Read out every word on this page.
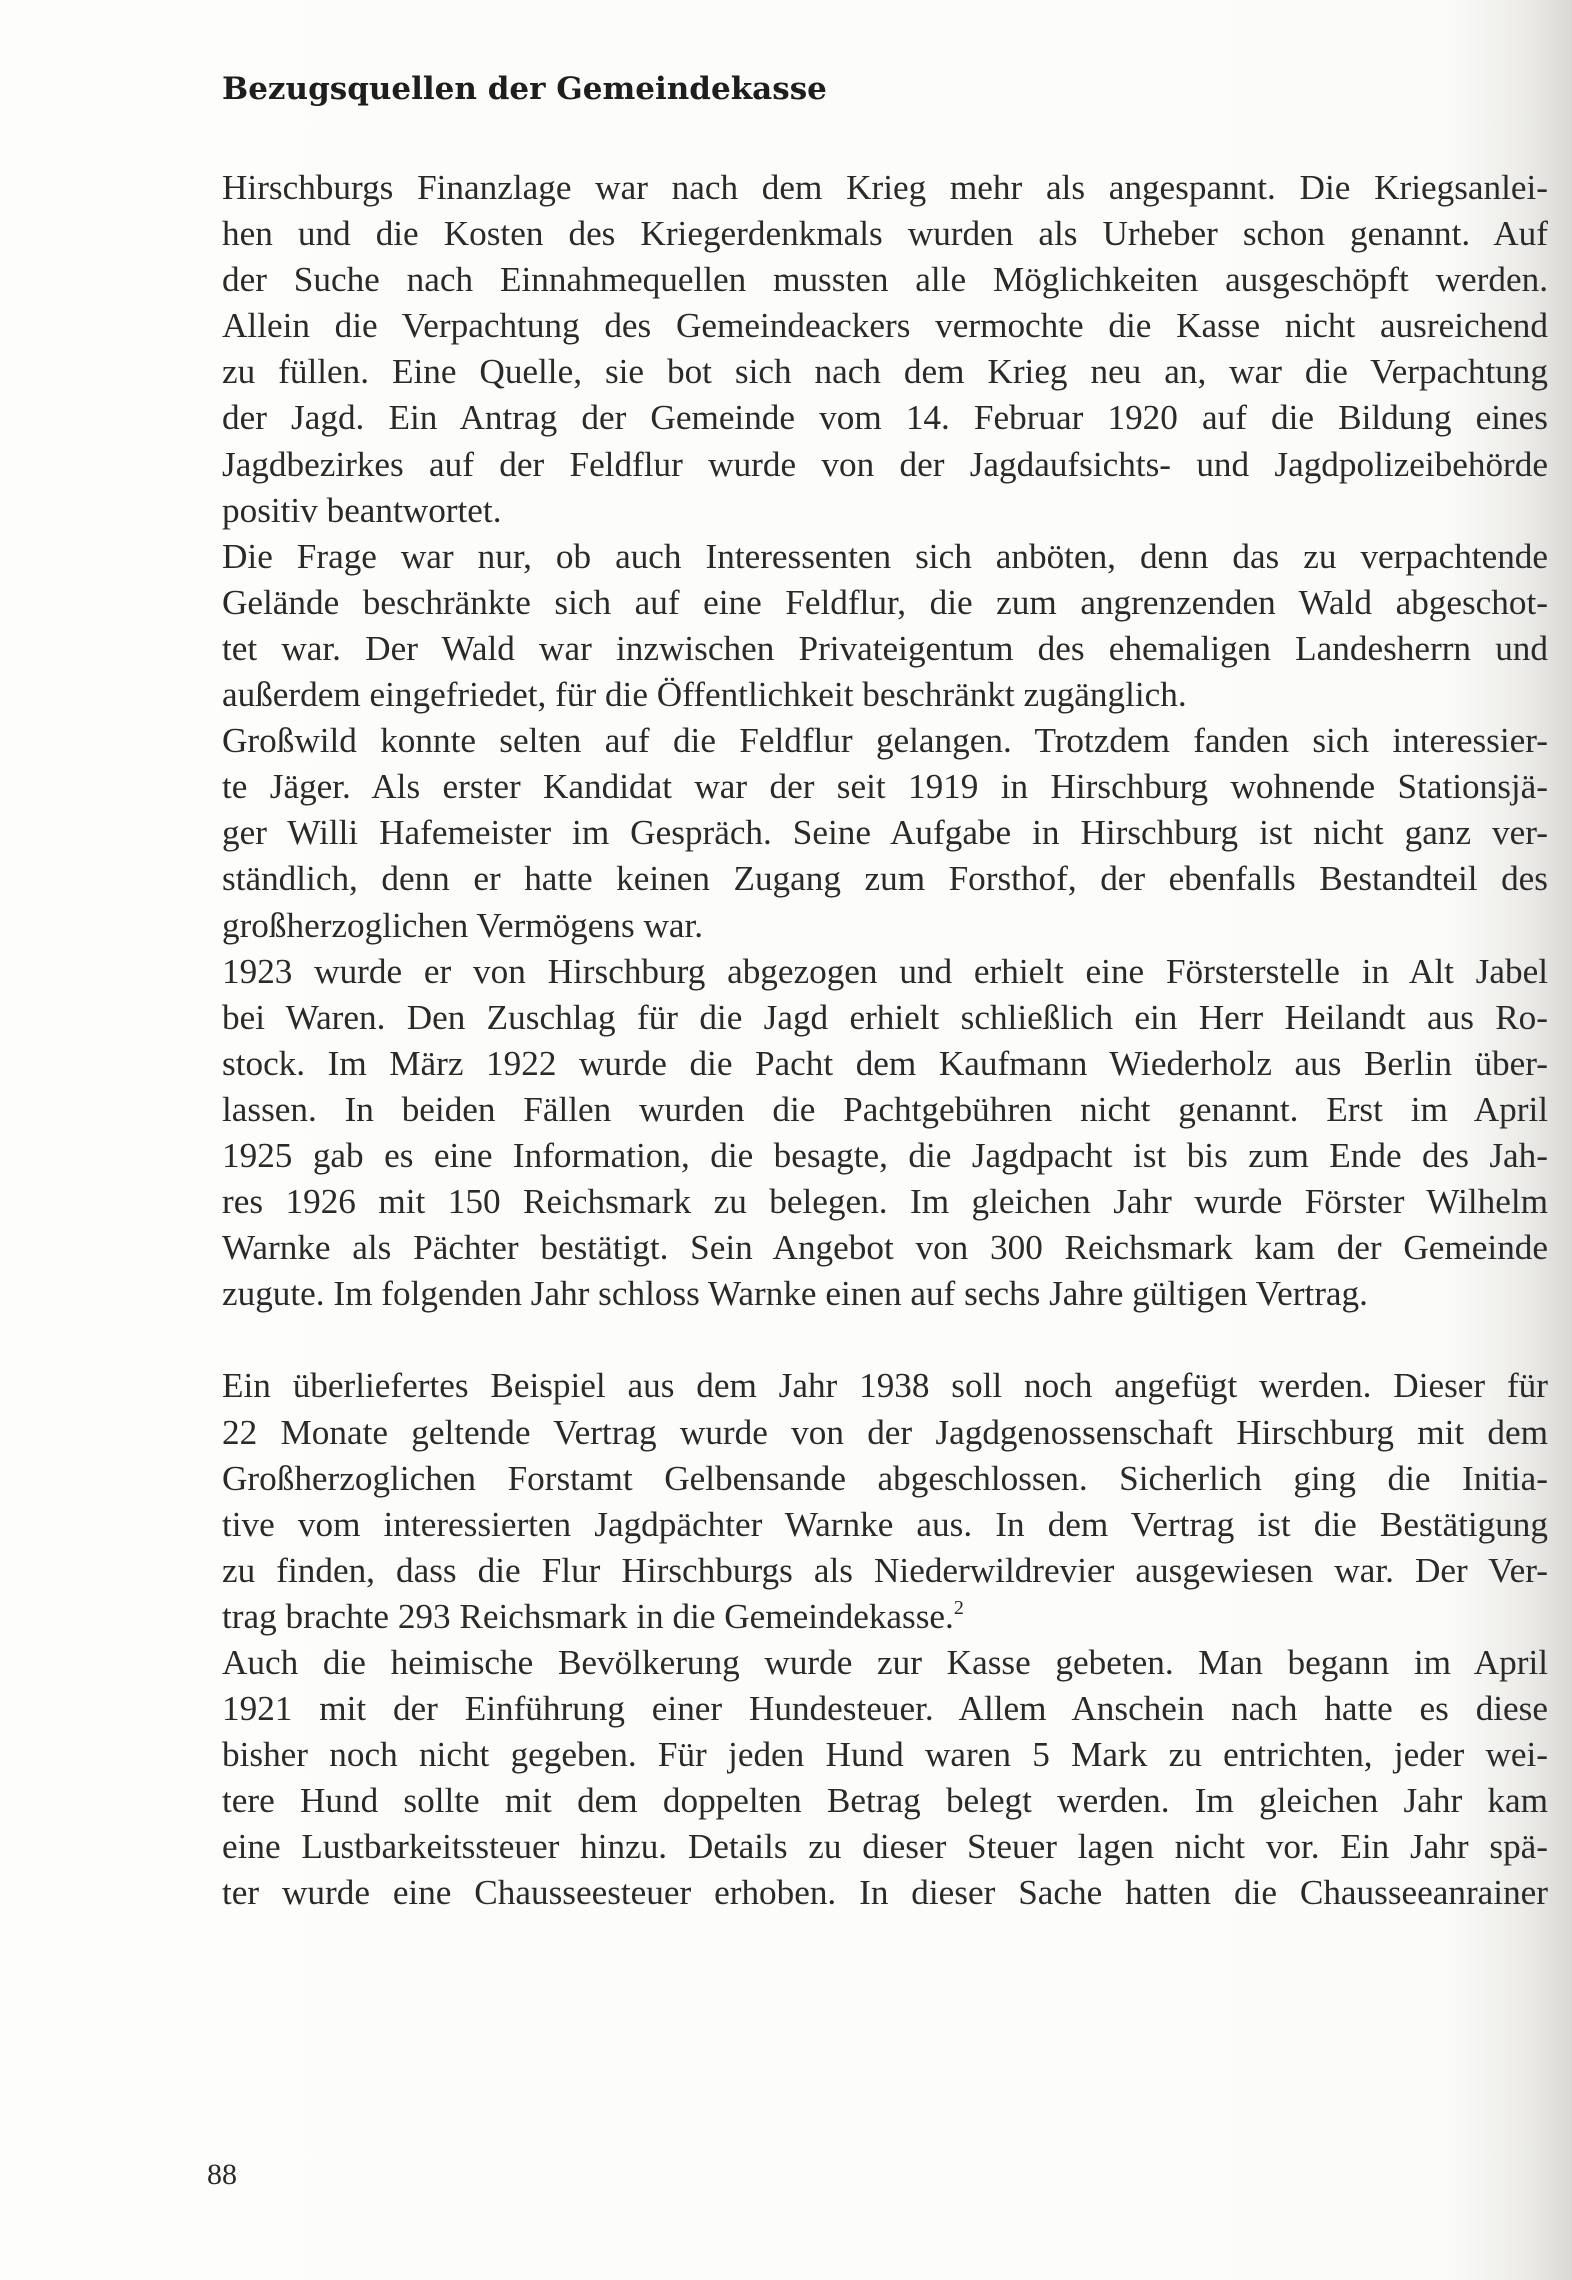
Bezugsquellen der Gemeindekasse
Hirschburgs Finanzlage war nach dem Krieg mehr als angespannt. Die Kriegsanlei-
hen und die Kosten des Kriegerdenkmals wurden als Urheber schon genannt. Auf
der Suche nach Einnahmequellen mussten alle Möglichkeiten ausgeschöpft werden.
Allein die Verpachtung des Gemeindeackers vermochte die Kasse nicht ausreichend
zu füllen. Eine Quelle, sie bot sich nach dem Krieg neu an, war die Verpachtung
der Jagd. Ein Antrag der Gemeinde vom 14. Februar 1920 auf die Bildung eines
Jagdbezirkes auf der Feldflur wurde von der Jagdaufsichts- und Jagdpolizeibehörde
positiv beantwortet.
Die Frage war nur, ob auch Interessenten sich anböten, denn das zu verpachtende
Gelände beschränkte sich auf eine Feldflur, die zum angrenzenden Wald abgeschot-
tet war. Der Wald war inzwischen Privateigentum des ehemaligen Landesherrn und
außerdem eingefriedet, für die Öffentlichkeit beschränkt zugänglich.
Großwild konnte selten auf die Feldflur gelangen. Trotzdem fanden sich interessier-
te Jäger. Als erster Kandidat war der seit 1919 in Hirschburg wohnende Stationsjä-
ger Willi Hafemeister im Gespräch. Seine Aufgabe in Hirschburg ist nicht ganz ver-
ständlich, denn er hatte keinen Zugang zum Forsthof, der ebenfalls Bestandteil des
großherzoglichen Vermögens war.
1923 wurde er von Hirschburg abgezogen und erhielt eine Försterstelle in Alt Jabel
bei Waren. Den Zuschlag für die Jagd erhielt schließlich ein Herr Heilandt aus Ro-
stock. Im März 1922 wurde die Pacht dem Kaufmann Wiederholz aus Berlin über-
lassen. In beiden Fällen wurden die Pachtgebühren nicht genannt. Erst im April
1925 gab es eine Information, die besagte, die Jagdpacht ist bis zum Ende des Jah-
res 1926 mit 150 Reichsmark zu belegen. Im gleichen Jahr wurde Förster Wilhelm
Warnke als Pächter bestätigt. Sein Angebot von 300 Reichsmark kam der Gemeinde
zugute. Im folgenden Jahr schloss Warnke einen auf sechs Jahre gültigen Vertrag.
Ein überliefertes Beispiel aus dem Jahr 1938 soll noch angefügt werden. Dieser für
22 Monate geltende Vertrag wurde von der Jagdgenossenschaft Hirschburg mit dem
Großherzoglichen Forstamt Gelbensande abgeschlossen. Sicherlich ging die Initia-
tive vom interessierten Jagdpächter Warnke aus. In dem Vertrag ist die Bestätigung
zu finden, dass die Flur Hirschburgs als Niederwildrevier ausgewiesen war. Der Ver-
trag brachte 293 Reichsmark in die Gemeindekasse.$^2$
Auch die heimische Bevölkerung wurde zur Kasse gebeten. Man begann im April
1921 mit der Einführung einer Hundesteuer. Allem Anschein nach hatte es diese
bisher noch nicht gegeben. Für jeden Hund waren 5 Mark zu entrichten, jeder wei-
tere Hund sollte mit dem doppelten Betrag belegt werden. Im gleichen Jahr kam
eine Lustbarkeitssteuer hinzu. Details zu dieser Steuer lagen nicht vor. Ein Jahr spä-
ter wurde eine Chausseesteuer erhoben. In dieser Sache hatten die Chausseeanrainer
88
